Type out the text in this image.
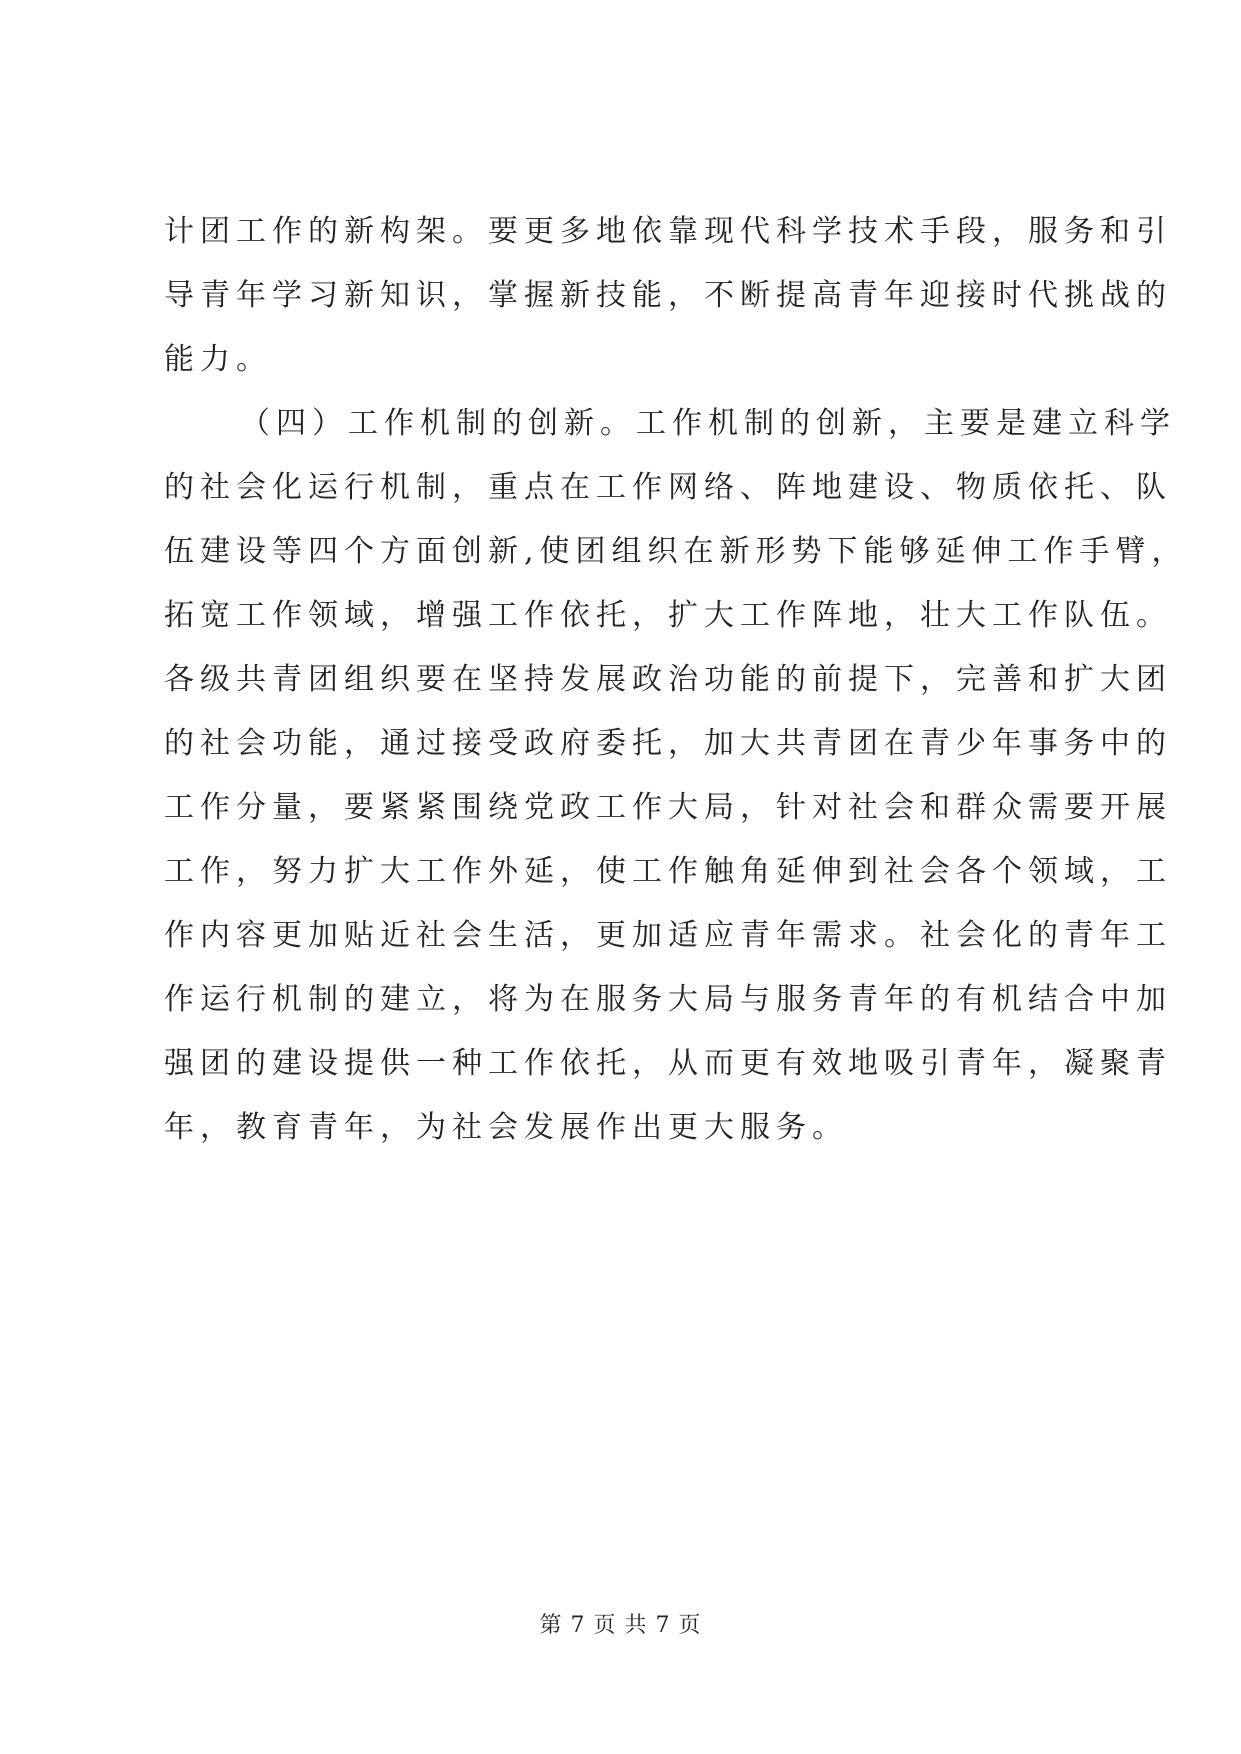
计团工作的新构架。要更多地依靠现代科学技术手段，服务和引
导青年学习新知识，掌握新技能，不断提高青年迎接时代挑战的
能力。
（四）工作机制的创新。工作机制的创新，主要是建立科学
的社会化运行机制，重点在工作网络、阵地建设、物质依托、队
伍建设等四个方面创新,使团组织在新形势下能够延伸工作手臂，
拓宽工作领域，增强工作依托，扩大工作阵地，壮大工作队伍。
各级共青团组织要在坚持发展政治功能的前提下，完善和扩大团
的社会功能，通过接受政府委托，加大共青团在青少年事务中的
工作分量，要紧紧围绕党政工作大局，针对社会和群众需要开展
工作，努力扩大工作外延，使工作触角延伸到社会各个领域，工
作内容更加贴近社会生活，更加适应青年需求。社会化的青年工
作运行机制的建立，将为在服务大局与服务青年的有机结合中加
强团的建设提供一种工作依托，从而更有效地吸引青年，凝聚青
年，教育青年，为社会发展作出更大服务。
第 7 页 共 7 页
